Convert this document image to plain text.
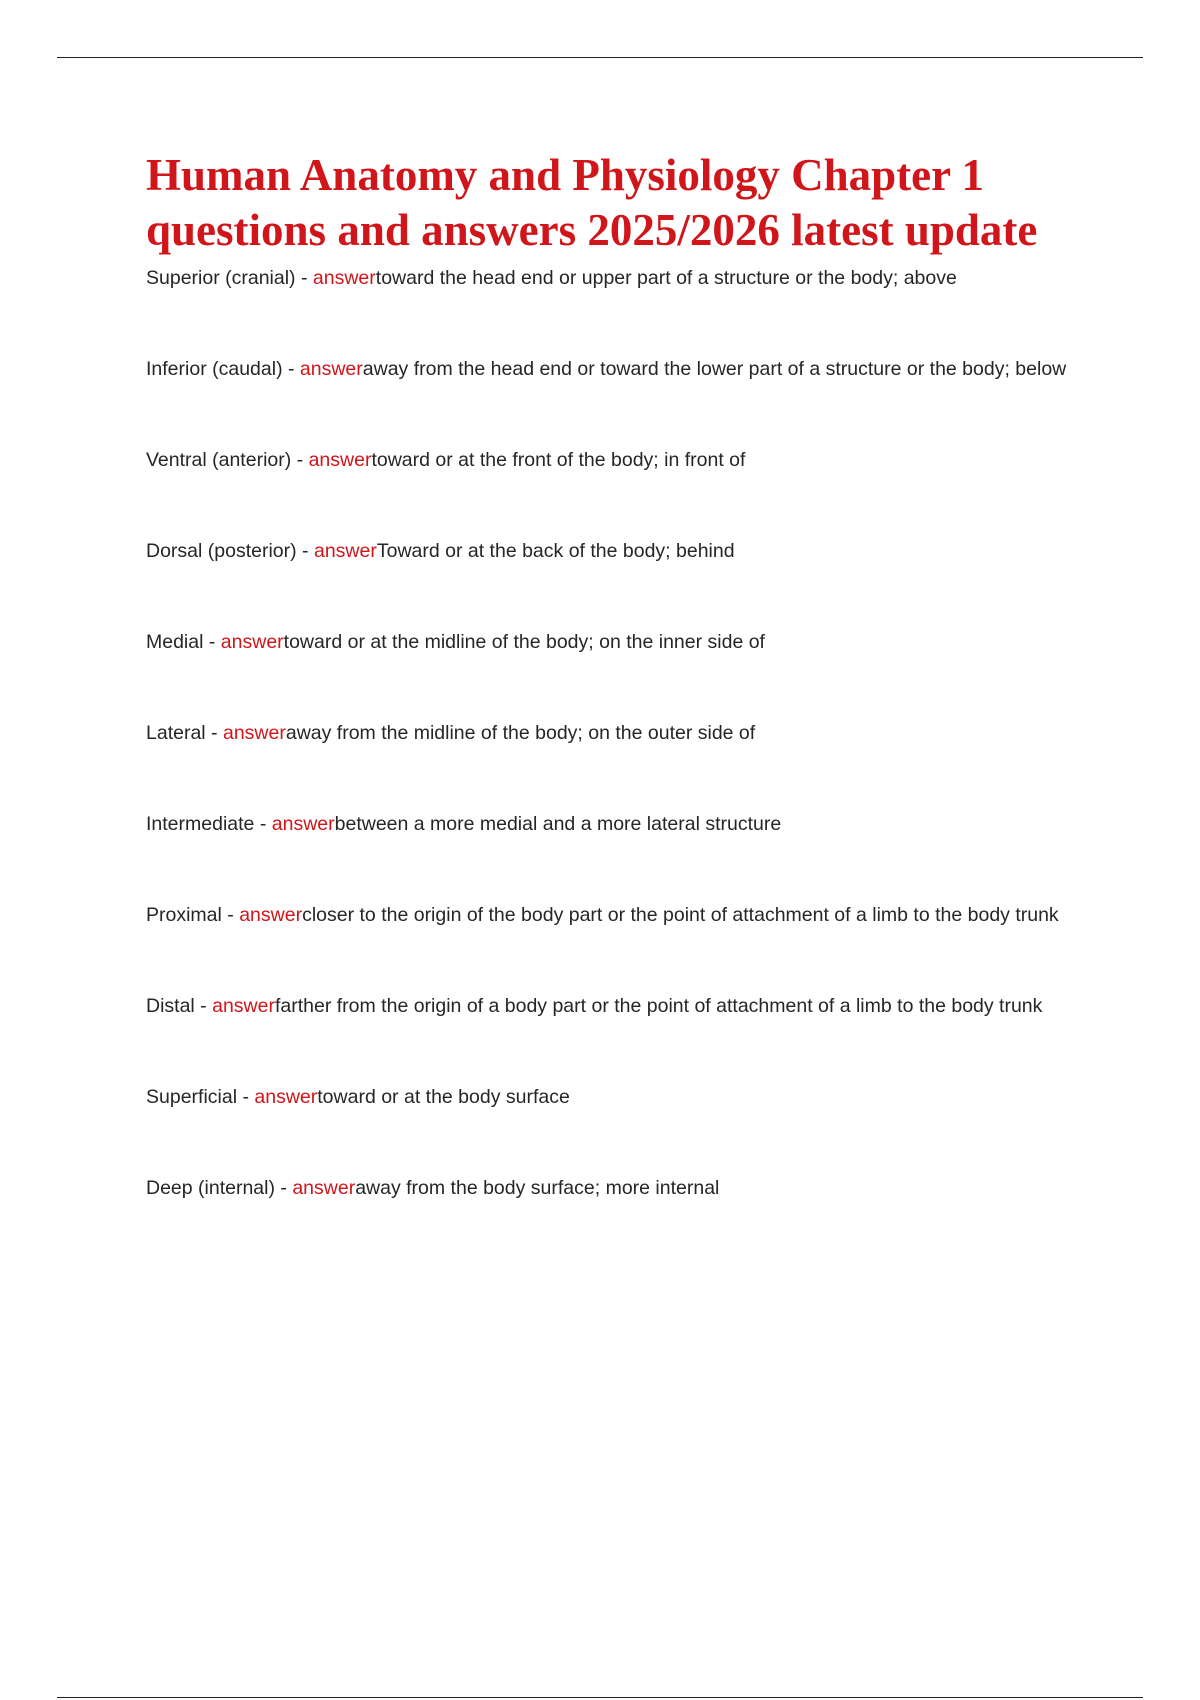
Human Anatomy and Physiology Chapter 1 questions and answers 2025/2026 latest update
Superior (cranial) - answertoward the head end or upper part of a structure or the body; above
Inferior (caudal) - answeraway from the head end or toward the lower part of a structure or the body; below
Ventral (anterior) - answertoward or at the front of the body; in front of
Dorsal (posterior) - answerToward or at the back of the body; behind
Medial - answertoward or at the midline of the body; on the inner side of
Lateral - answeraway from the midline of the body; on the outer side of
Intermediate - answerbetween a more medial and a more lateral structure
Proximal - answercloser to the origin of the body part or the point of attachment of a limb to the body trunk
Distal - answerfarther from the origin of a body part or the point of attachment of a limb to the body trunk
Superficial - answertoward or at the body surface
Deep (internal) - answeraway from the body surface; more internal
